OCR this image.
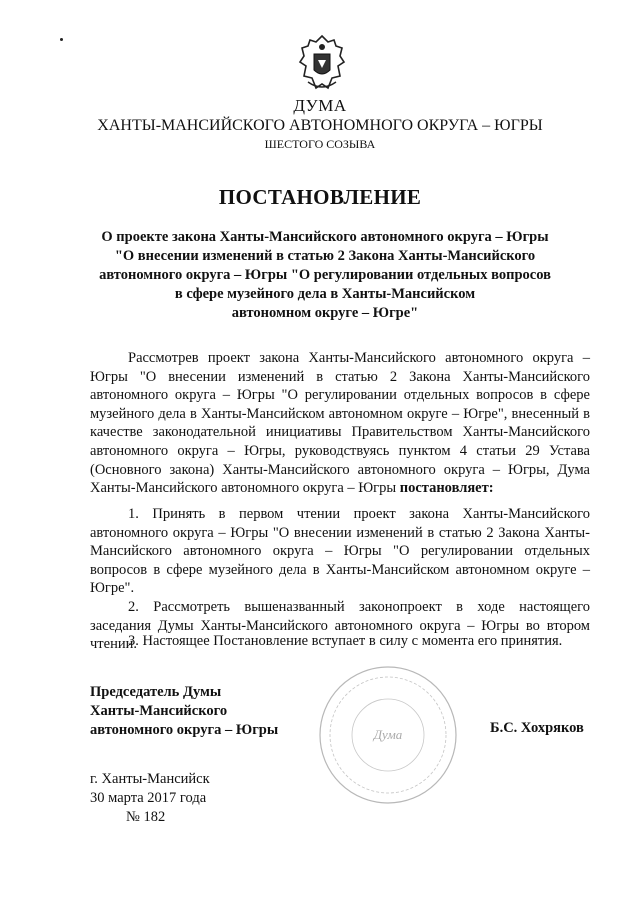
ДУМА
ХАНТЫ-МАНСИЙСКОГО АВТОНОМНОГО ОКРУГА – ЮГРЫ
ШЕСТОГО СОЗЫВА
ПОСТАНОВЛЕНИЕ
О проекте закона Ханты-Мансийского автономного округа – Югры
"О внесении изменений в статью 2 Закона Ханты-Мансийского
автономного округа – Югры "О регулировании отдельных вопросов
в сфере музейного дела в Ханты-Мансийском
автономном округе – Югре"
Рассмотрев проект закона Ханты-Мансийского автономного округа – Югры "О внесении изменений в статью 2 Закона Ханты-Мансийского автономного округа – Югры "О регулировании отдельных вопросов в сфере музейного дела в Ханты-Мансийском автономном округе – Югре", внесенный в качестве законодательной инициативы Правительством Ханты-Мансийского автономного округа – Югры, руководствуясь пунктом 4 статьи 29 Устава (Основного закона) Ханты-Мансийского автономного округа – Югры, Дума Ханты-Мансийского автономного округа – Югры постановляет:
1. Принять в первом чтении проект закона Ханты-Мансийского автономного округа – Югры "О внесении изменений в статью 2 Закона Ханты-Мансийского автономного округа – Югры "О регулировании отдельных вопросов в сфере музейного дела в Ханты-Мансийском автономном округе – Югре".
2. Рассмотреть вышеназванный законопроект в ходе настоящего заседания Думы Ханты-Мансийского автономного округа – Югры во втором чтении.
3. Настоящее Постановление вступает в силу с момента его принятия.
Председатель Думы
Ханты-Мансийского
автономного округа – Югры	Дума	Б.С. Хохряков
г. Ханты-Мансийск
30 марта 2017 года
№ 182
